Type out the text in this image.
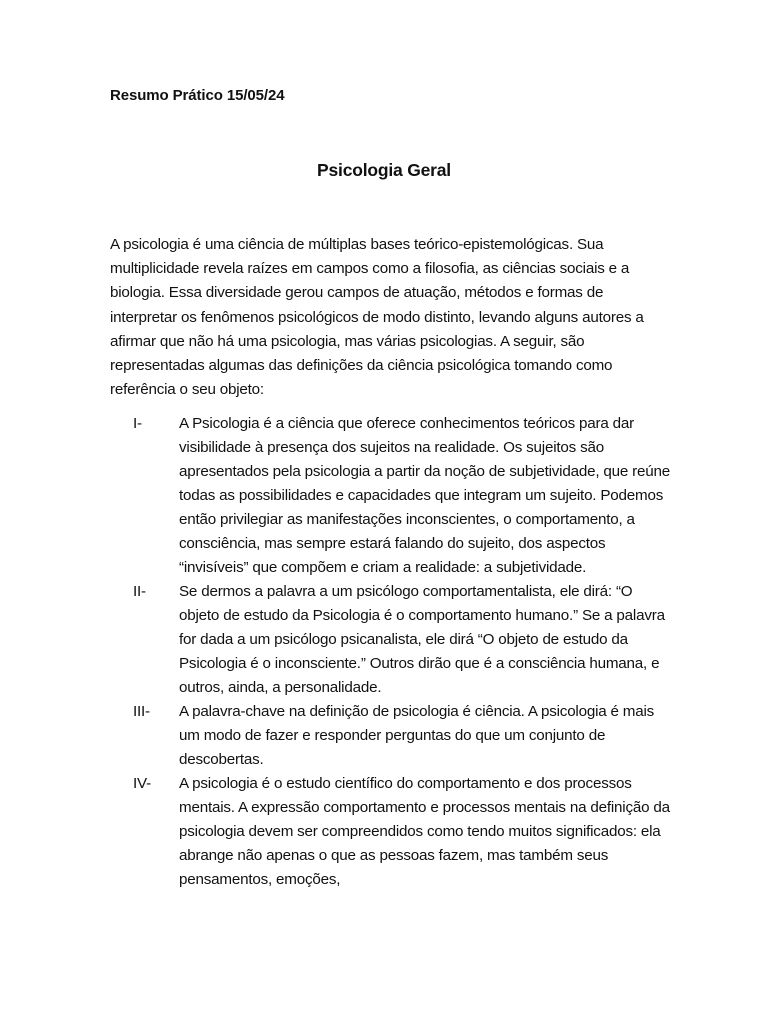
Resumo Prático 15/05/24
Psicologia Geral

A psicologia é uma ciência de múltiplas bases teórico-epistemológicas. Sua multiplicidade revela raízes em campos como a filosofia, as ciências sociais e a biologia. Essa diversidade gerou campos de atuação, métodos e formas de interpretar os fenômenos psicológicos de modo distinto, levando alguns autores a afirmar que não há uma psicologia, mas várias psicologias. A seguir, são representadas algumas das definições da ciência psicológica tomando como referência o seu objeto:

I-	A Psicologia é a ciência que oferece conhecimentos teóricos para dar visibilidade à presença dos sujeitos na realidade. Os sujeitos são apresentados pela psicologia a partir da noção de subjetividade, que reúne todas as possibilidades e capacidades que integram um sujeito. Podemos então privilegiar as manifestações inconscientes, o comportamento, a consciência, mas sempre estará falando do sujeito, dos aspectos “invisíveis” que compõem e criam a realidade: a subjetividade.
II-	Se dermos a palavra a um psicólogo comportamentalista, ele dirá: “O objeto de estudo da Psicologia é o comportamento humano.” Se a palavra for dada a um psicólogo psicanalista, ele dirá “O objeto de estudo da Psicologia é o inconsciente.” Outros dirão que é a consciência humana, e outros, ainda, a personalidade.
III-	A palavra-chave na definição de psicologia é ciência. A psicologia é mais um modo de fazer e responder perguntas do que um conjunto de descobertas.
IV-	A psicologia é o estudo científico do comportamento e dos processos mentais. A expressão comportamento e processos mentais na definição da psicologia devem ser compreendidos como tendo muitos significados: ela abrange não apenas o que as pessoas fazem, mas também seus pensamentos, emoções,
